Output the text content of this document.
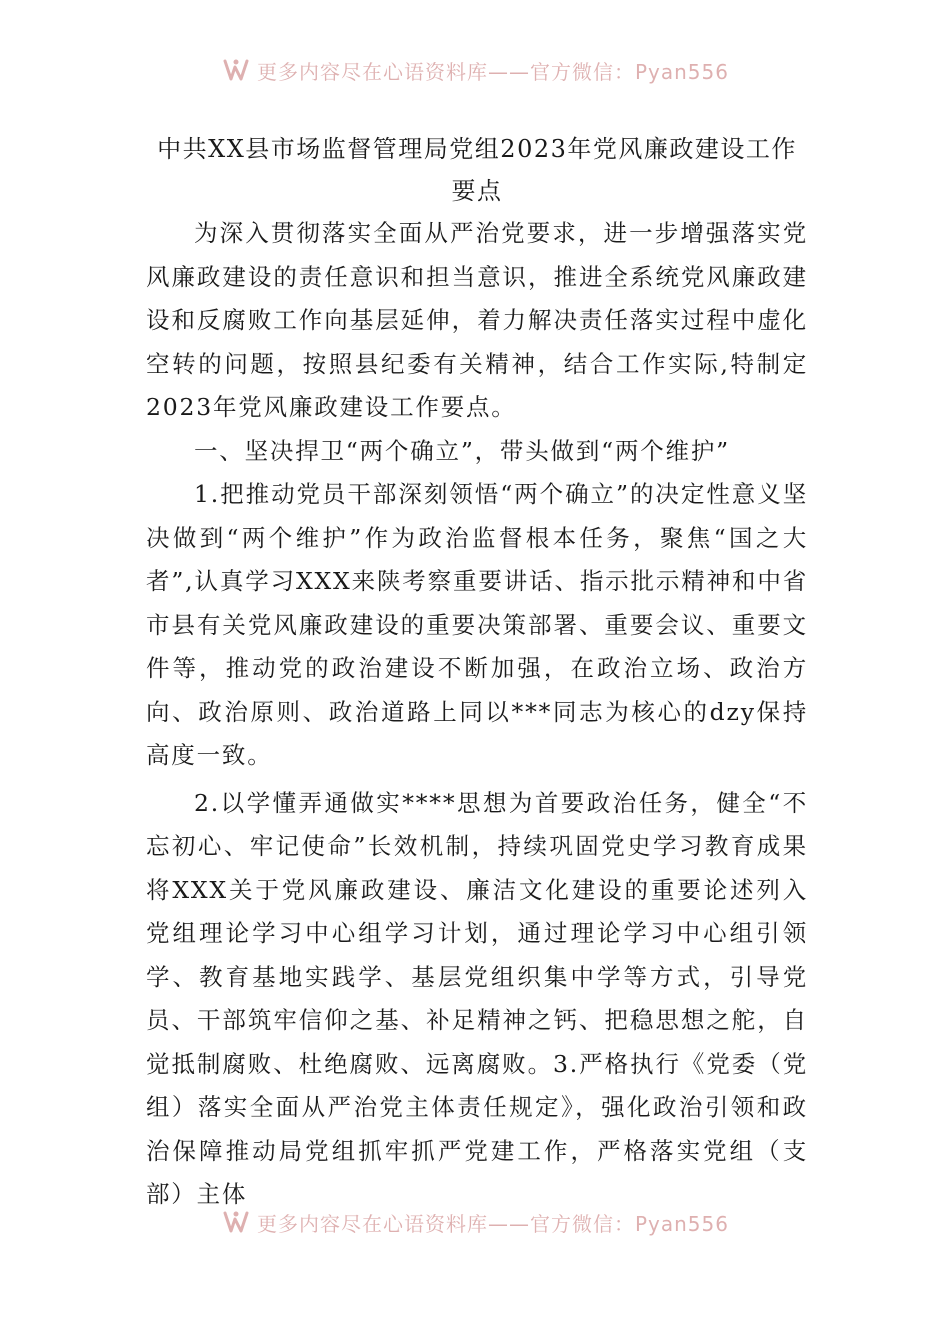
更多内容尽在心语资料库——官方微信：Pyan556
中共XX县市场监督管理局党组2023年党风廉政建设工作要点

为深入贯彻落实全面从严治党要求，进一步增强落实党风廉政建设的责任意识和担当意识，推进全系统党风廉政建设和反腐败工作向基层延伸，着力解决责任落实过程中虚化空转的问题，按照县纪委有关精神，结合工作实际,特制定2023年党风廉政建设工作要点。

一、坚决捍卫“两个确立”，带头做到“两个维护”

1.把推动党员干部深刻领悟“两个确立”的决定性意义坚决做到“两个维护”作为政治监督根本任务，聚焦“国之大者”,认真学习XXX来陕考察重要讲话、指示批示精神和中省市县有关党风廉政建设的重要决策部署、重要会议、重要文件等，推动党的政治建设不断加强，在政治立场、政治方向、政治原则、政治道路上同以***同志为核心的dzy保持高度一致。

2.以学懂弄通做实****思想为首要政治任务，健全“不忘初心、牢记使命”长效机制，持续巩固党史学习教育成果将XXX关于党风廉政建设、廉洁文化建设的重要论述列入党组理论学习中心组学习计划，通过理论学习中心组引领学、教育基地实践学、基层党组织集中学等方式，引导党员、干部筑牢信仰之基、补足精神之钙、把稳思想之舵，自觉抵制腐败、杜绝腐败、远离腐败。3.严格执行《党委（党组）落实全面从严治党主体责任规定》，强化政治引领和政治保障推动局党组抓牢抓严党建工作，严格落实党组（支部）主体

更多内容尽在心语资料库——官方微信：Pyan556
